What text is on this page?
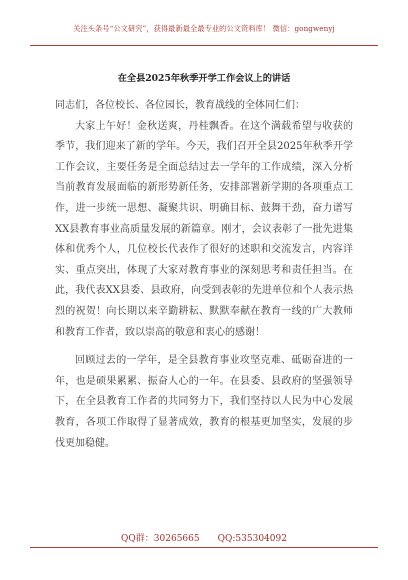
关注头条号“公文研究”，获得最新最全最专业的公文资料库！ 微信：gongwenyj
在全县2025年秋季开学工作会议上的讲话

同志们，各位校长、各位园长，教育战线的全体同仁们：

大家上午好！金秋送爽，丹桂飘香。在这个满载希望与收获的季节，我们迎来了新的学年。今天，我们召开全县2025年秋季开学工作会议，主要任务是全面总结过去一学年的工作成绩，深入分析当前教育发展面临的新形势新任务，安排部署新学期的各项重点工作，进一步统一思想、凝聚共识、明确目标、鼓舞干劲，奋力谱写XX县教育事业高质量发展的新篇章。刚才，会议表彰了一批先进集体和优秀个人，几位校长代表作了很好的述职和交流发言，内容详实、重点突出，体现了大家对教育事业的深刻思考和责任担当。在此，我代表XX县委、县政府，向受到表彰的先进单位和个人表示热烈的祝贺！向长期以来辛勤耕耘、默默奉献在教育一线的广大教师和教育工作者，致以崇高的敬意和衷心的感谢！

回顾过去的一学年，是全县教育事业攻坚克难、砥砺奋进的一年，也是硕果累累、振奋人心的一年。在县委、县政府的坚强领导下，在全县教育工作者的共同努力下，我们坚持以人民为中心发展教育，各项工作取得了显著成效，教育的根基更加坚实，发展的步伐更加稳健。

QQ群：30265665 QQ:535304092
